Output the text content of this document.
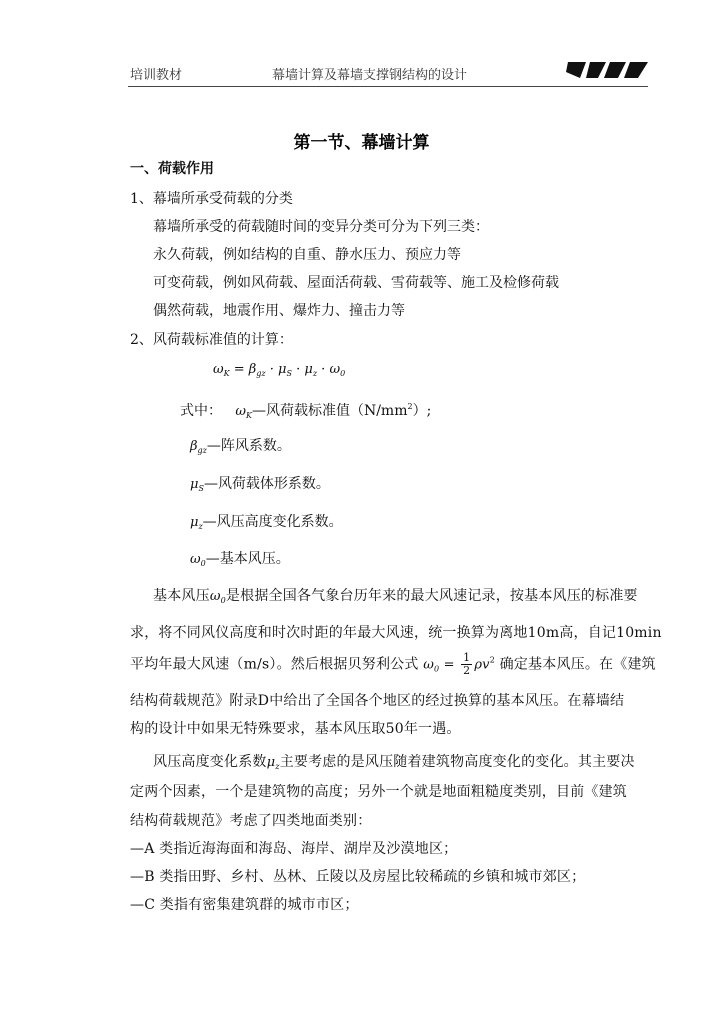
培训教材	幕墙计算及幕墙支撑钢结构的设计
第一节、幕墙计算
一、荷载作用
1、幕墙所承受荷载的分类
幕墙所承受的荷载随时间的变异分类可分为下列三类：
永久荷载，例如结构的自重、静水压力、预应力等
可变荷载，例如风荷载、屋面活荷载、雪荷载等、施工及检修荷载
偶然荷载，地震作用、爆炸力、撞击力等
2、风荷载标准值的计算：
$\omega_K = \beta_{gz} \cdot \mu_S \cdot \mu_z \cdot \omega_0$
式中： $\omega_K—$风荷载标准值$(N/mm^2)$;
$\beta_{gz}—$阵风系数。
$\mu_S—$风荷载体形系数。
$\mu_z—$风压高度变化系数。
$\omega_0—$基本风压。
基本风压$\omega_0$是根据全国各气象台历年来的最大风速记录，按基本风压的标准要
求，将不同风仪高度和时次时距的年最大风速，统一换算为离地10m高，自记10min
平均年最大风速（m/s）。然后根据贝努利公式 $\omega_0 = \frac{1}{2} \rho v^2$ 确定基本风压。在《建筑
结构荷载规范》附录D中给出了全国各个地区的经过换算的基本风压。在幕墙结
构的设计中如果无特殊要求，基本风压取50年一遇。
风压高度变化系数$\mu_z$主要考虑的是风压随着建筑物高度变化的变化。其主要决
定两个因素，一个是建筑物的高度；另外一个就是地面粗糙度类别，目前《建筑
结构荷载规范》考虑了四类地面类别：
—A 类指近海海面和海岛、海岸、湖岸及沙漠地区；
—B 类指田野、乡村、丛林、丘陵以及房屋比较稀疏的乡镇和城市郊区；
—C 类指有密集建筑群的城市市区；
